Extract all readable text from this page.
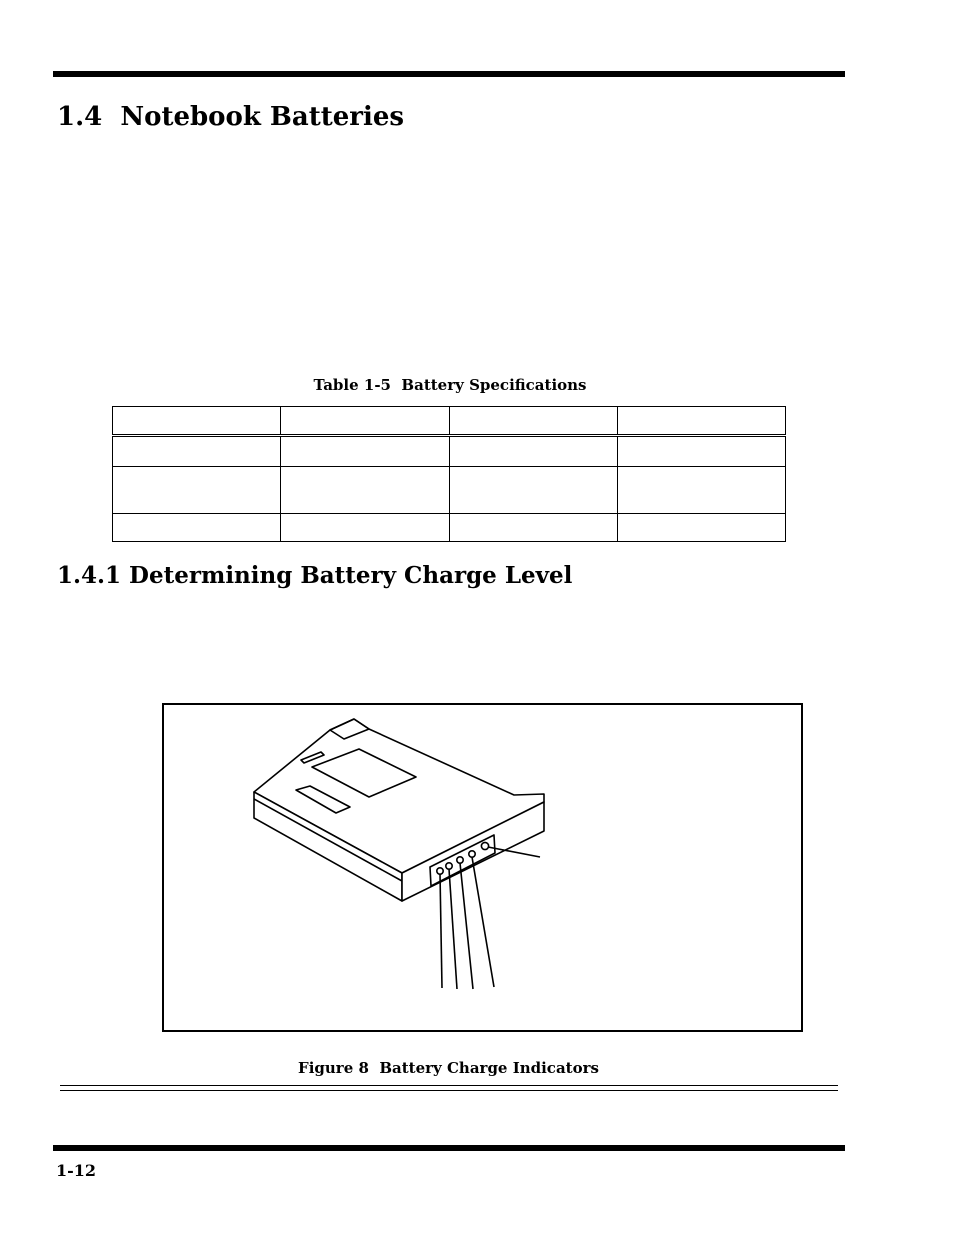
1.4  Notebook Batteries
Table 1-5  Battery Specifications

1.4.1 Determining Battery Charge Level
Figure 8  Battery Charge Indicators
1-12
